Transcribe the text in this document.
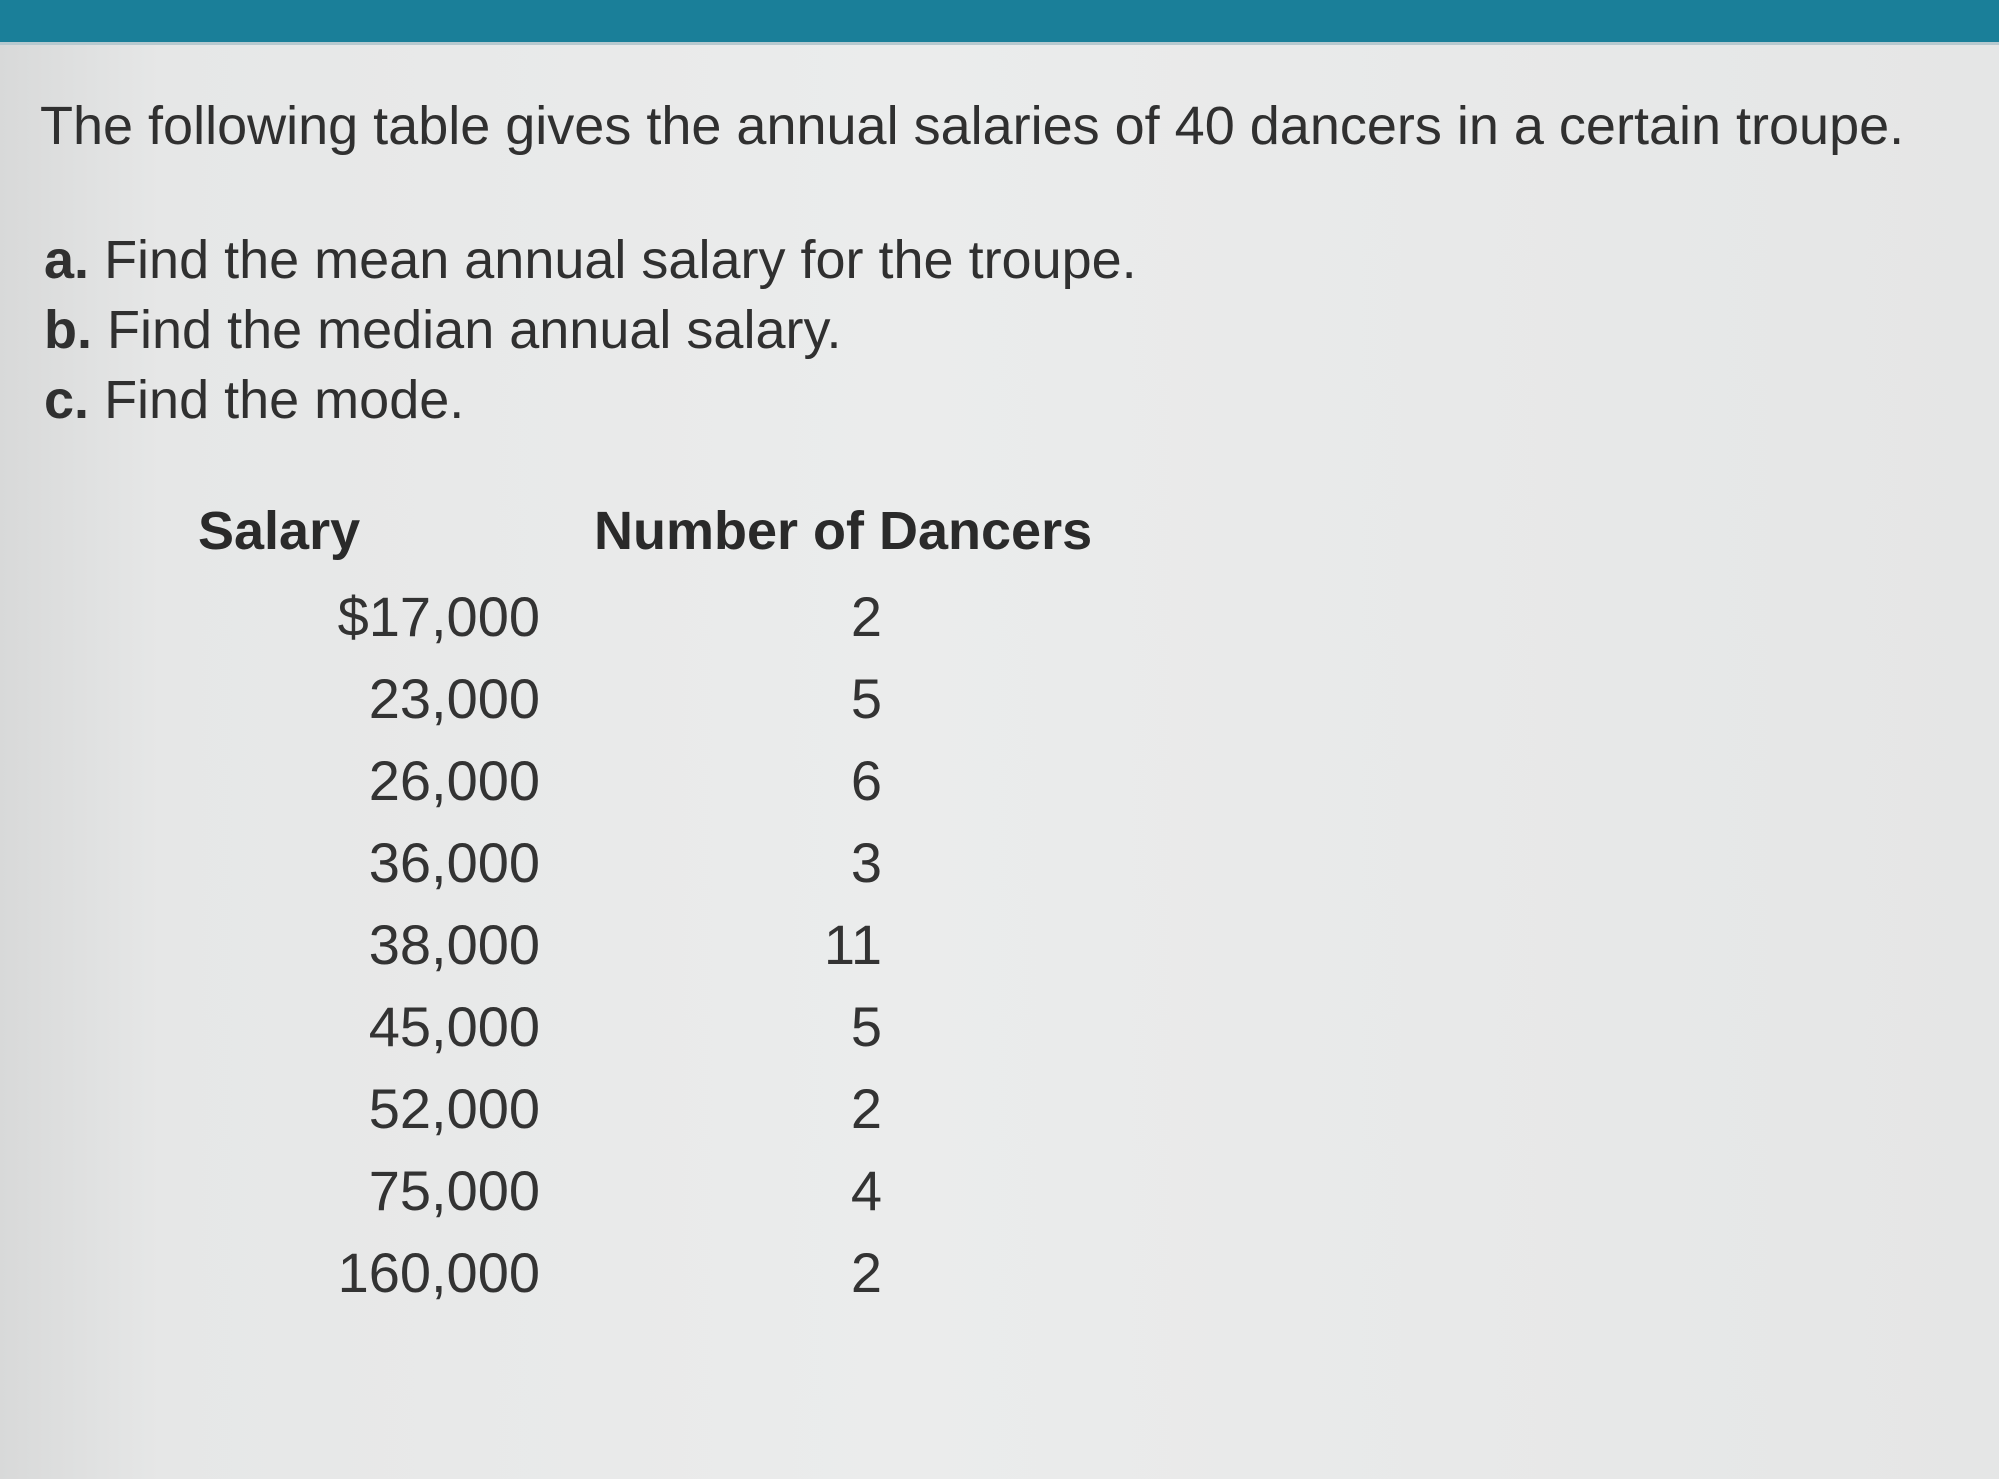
The following table gives the annual salaries of 40 dancers in a certain troupe.
a. Find the mean annual salary for the troupe.
b. Find the median annual salary.
c. Find the mode.
Salary	Number of Dancers
$17,000	2
23,000	5
26,000	6
36,000	3
38,000	11
45,000	5
52,000	2
75,000	4
160,000	2
